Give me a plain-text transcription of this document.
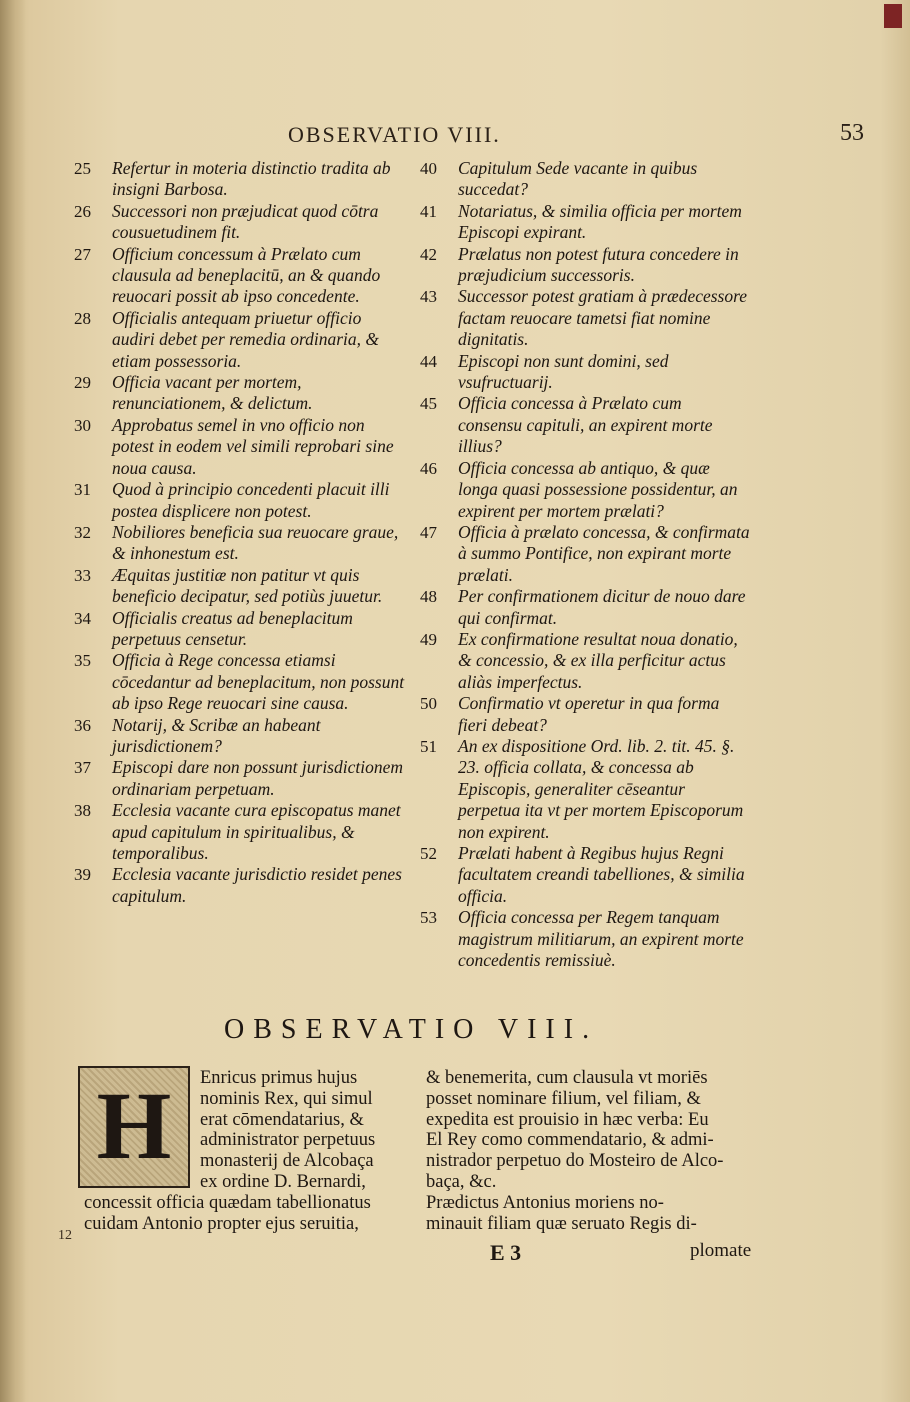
OBSERVATIO VIII.	53
25 Refertur in moteria distinctio tradita ab insigni Barbosa.
26 Successori non præjudicat quod cōtra cousuetudinem fit.
27 Officium concessum à Prælato cum clausula ad beneplacitū, an & quando reuocari possit ab ipso concedente.
28 Officialis antequam priuetur officio audiri debet per remedia ordinaria, & etiam possessoria.
29 Officia vacant per mortem, renunciationem, & delictum.
30 Approbatus semel in vno officio non potest in eodem vel simili reprobari sine noua causa.
31 Quod à principio concedenti placuit illi postea displicere non potest.
32 Nobiliores beneficia sua reuocare graue, & inhonestum est.
33 Æquitas justitiæ non patitur vt quis beneficio decipatur, sed potiùs juuetur.
34 Officialis creatus ad beneplacitum perpetuus censetur.
35 Officia à Rege concessa etiamsi cōcedantur ad beneplacitum, non possunt ab ipso Rege reuocari sine causa.
36 Notarij, & Scribæ an habeant jurisdictionem?
37 Episcopi dare non possunt jurisdictionem ordinariam perpetuam.
38 Ecclesia vacante cura episcopatus manet apud capitulum in spiritualibus, & temporalibus.
39 Ecclesia vacante jurisdictio residet penes capitulum.
40 Capitulum Sede vacante in quibus succedat?
41 Notariatus, & similia officia per mortem Episcopi expirant.
42 Prælatus non potest futura concedere in præjudicium successoris.
43 Successor potest gratiam à prædecessore factam reuocare tametsi fiat nomine dignitatis.
44 Episcopi non sunt domini, sed vsufructuarij.
45 Officia concessa à Prælato cum consensu capituli, an expirent morte illius?
46 Officia concessa ab antiquo, & quæ longa quasi possessione possidentur, an expirent per mortem prælati?
47 Officia à prælato concessa, & confirmata à summo Pontifice, non expirant morte prælati.
48 Per confirmationem dicitur de nouo dare qui confirmat.
49 Ex confirmatione resultat noua donatio, & concessio, & ex illa perficitur actus aliàs imperfectus.
50 Confirmatio vt operetur in qua forma fieri debeat?
51 An ex dispositione Ord. lib. 2. tit. 45. §. 23. officia collata, & concessa ab Episcopis, generaliter cēseantur perpetua ita vt per mortem Episcoporum non expirent.
52 Prælati habent à Regibus hujus Regni facultatem creandi tabelliones, & similia officia.
53 Officia concessa per Regem tanquam magistrum militiarum, an expirent morte concedentis remissiuè.
OBSERVATIO VIII.
H	Enricus primus hujus
nominis Rex, qui simul
erat cōmendatarius, &
administrator perpetuus
monasterij de Alcobaça
ex ordine D. Bernardi,
concessit officia quædam tabellionatus
cuidam Antonio propter ejus seruitia,
& benemerita, cum clausula vt moriēs
posset nominare filium, vel filiam, &
expedita est prouisio in hæc verba: Eu
El Rey como commendatario, & admi-
nistrador perpetuo do Mosteiro de Alco-
baça, &c.
Prædictus Antonius moriens no-
minauit filiam quæ seruato Regis di-
12
E 3	plomate
